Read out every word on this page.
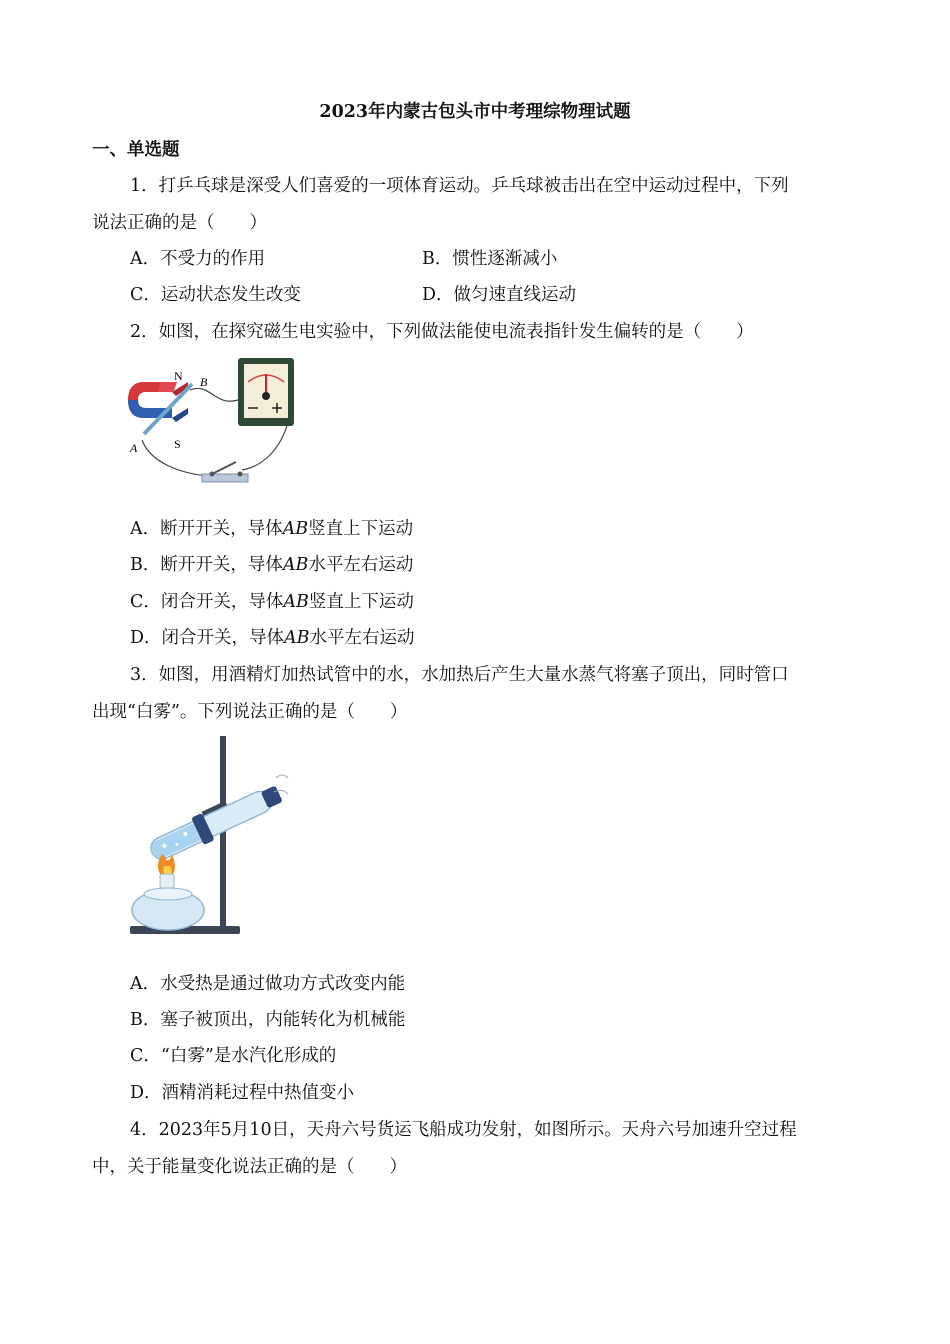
2023年内蒙古包头市中考理综物理试题
一、单选题
1．打乒乓球是深受人们喜爱的一项体育运动。乒乓球被击出在空中运动过程中，下列
说法正确的是（　　）
A．不受力的作用	B．惯性逐渐减小
C．运动状态发生改变	D．做匀速直线运动
2．如图，在探究磁生电实验中，下列做法能使电流表指针发生偏转的是（　　）
N B
S
A
A．断开开关，导体AB竖直上下运动
B．断开开关，导体AB水平左右运动
C．闭合开关，导体AB竖直上下运动
D．闭合开关，导体AB水平左右运动
3．如图，用酒精灯加热试管中的水，水加热后产生大量水蒸气将塞子顶出，同时管口
出现“白雾”。下列说法正确的是（　　）
A．水受热是通过做功方式改变内能
B．塞子被顶出，内能转化为机械能
C．“白雾”是水汽化形成的
D．酒精消耗过程中热值变小
4．2023年5月10日，天舟六号货运飞船成功发射，如图所示。天舟六号加速升空过程
中，关于能量变化说法正确的是（　　）
